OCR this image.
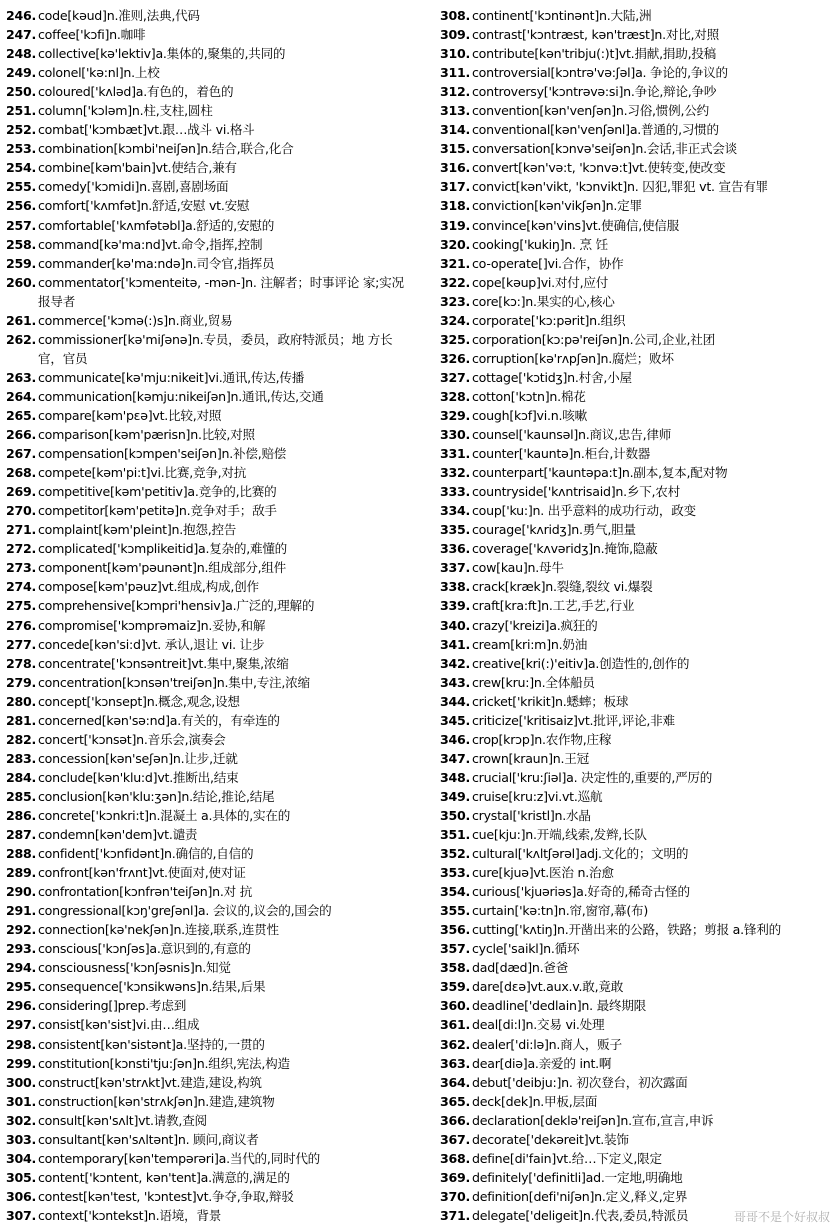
246. code[kəud]n.准则,法典,代码
247. coffee['kɔfi]n.咖啡
248. collective[kə'lektiv]a.集体的,聚集的,共同的
249. colonel['kə:nl]n.上校
250. coloured['kʌləd]a.有色的，着色的
251. column['kɔləm]n.柱,支柱,圆柱
252. combat['kɔmbæt]vt.跟…战斗 vi.格斗
253. combination[kɔmbi'neiʃən]n.结合,联合,化合
254. combine[kəm'bain]vt.使结合,兼有
255. comedy['kɔmidi]n.喜剧,喜剧场面
256. comfort['kʌmfət]n.舒适,安慰 vt.安慰
257. comfortable['kʌmfətəbl]a.舒适的,安慰的
258. command[kə'ma:nd]vt.命令,指挥,控制
259. commander[kə'ma:ndə]n.司令官,指挥员
260. commentator['kɔmenteitə, -mən-]n. 注解者；时事评论 家;实况报导者
261. commerce['kɔmə(:)s]n.商业,贸易
262. commissioner[kə'miʃənə]n.专员，委员，政府特派员；地 方长官，官员
263. communicate[kə'mju:nikeit]vi.通讯,传达,传播
264. communication[kəmju:nikeiʃən]n.通讯,传达,交通
265. compare[kəm'pɛə]vt.比较,对照
266. comparison[kəm'pærisn]n.比较,对照
267. compensation[kɔmpen'seiʃən]n.补偿,赔偿
268. compete[kəm'pi:t]vi.比赛,竞争,对抗
269. competitive[kəm'petitiv]a.竞争的,比赛的
270. competitor[kəm'petitə]n.竞争对手；敌手
271. complaint[kəm'pleint]n.抱怨,控告
272. complicated['kɔmplikeitid]a.复杂的,难懂的
273. component[kəm'pəunənt]n.组成部分,组件
274. compose[kəm'pəuz]vt.组成,构成,创作
275. comprehensive[kɔmpri'hensiv]a.广泛的,理解的
276. compromise['kɔmprəmaiz]n.妥协,和解
277. concede[kən'si:d]vt. 承认,退让 vi. 让步
278. concentrate['kɔnsəntreit]vt.集中,聚集,浓缩
279. concentration[kɔnsən'treiʃən]n.集中,专注,浓缩
280. concept['kɔnsept]n.概念,观念,设想
281. concerned[kən'sə:nd]a.有关的，有牵连的
282. concert['kɔnsət]n.音乐会,演奏会
283. concession[kən'seʃən]n.让步,迁就
284. conclude[kən'klu:d]vt.推断出,结束
285. conclusion[kən'klu:ʒən]n.结论,推论,结尾
286. concrete['kɔnkri:t]n.混凝土 a.具体的,实在的
287. condemn[kən'dem]vt.谴责
288. confident['kɔnfidənt]n.确信的,自信的
289. confront[kən'frʌnt]vt.使面对,使对证
290. confrontation[kɔnfrən'teiʃən]n.对 抗
291. congressional[kɔŋ'greʃənl]a. 会议的,议会的,国会的
292. connection[kə'nekʃən]n.连接,联系,连贯性
293. conscious['kɔnʃəs]a.意识到的,有意的
294. consciousness['kɔnʃəsnis]n.知觉
295. consequence['kɔnsikwəns]n.结果,后果
296. considering[]prep.考虑到
297. consist[kən'sist]vi.由…组成
298. consistent[kən'sistənt]a.坚持的,一贯的
299. constitution[kɔnsti'tju:ʃən]n.组织,宪法,构造
300. construct[kən'strʌkt]vt.建造,建设,构筑
301. construction[kən'strʌkʃən]n.建造,建筑物
302. consult[kən'sʌlt]vt.请教,查阅
303. consultant[kən'sʌltənt]n. 顾问,商议者
304. contemporary[kən'tempərəri]a.当代的,同时代的
305. content['kɔntent, kən'tent]a.满意的,满足的
306. contest[kən'test, 'kɔntest]vt.争夺,争取,辩驳
307. context['kɔntekst]n.语境，背景
308. continent['kɔntinənt]n.大陆,洲
309. contrast['kɔntræst, kən'træst]n.对比,对照
310. contribute[kən'tribju(:)t]vt.捐献,捐助,投稿
311. controversial[kɔntrə'və:ʃəl]a. 争论的,争议的
312. controversy['kɔntrəvə:si]n.争论,辩论,争吵
313. convention[kən'venʃən]n.习俗,惯例,公约
314. conventional[kən'venʃənl]a.普通的,习惯的
315. conversation[kɔnvə'seiʃən]n.会话,非正式会谈
316. convert[kən'və:t, 'kɔnvə:t]vt.使转变,使改变
317. convict[kən'vikt, 'kɔnvikt]n. 囚犯,罪犯 vt. 宣告有罪
318. conviction[kən'vikʃən]n.定罪
319. convince[kən'vins]vt.使确信,使信服
320. cooking['kukiŋ]n. 烹 饪
321. co-operate[]vi.合作，协作
322. cope[kəup]vi.对付,应付
323. core[kɔ:]n.果实的心,核心
324. corporate['kɔ:pərit]n.组织
325. corporation[kɔ:pə'reiʃən]n.公司,企业,社团
326. corruption[kə'rʌpʃən]n.腐烂；败坏
327. cottage['kɔtidʒ]n.村舍,小屋
328. cotton['kɔtn]n.棉花
329. cough[kɔf]vi.n.咳嗽
330. counsel['kaunsəl]n.商议,忠告,律师
331. counter['kauntə]n.柜台,计数器
332. counterpart['kauntəpa:t]n.副本,复本,配对物
333. countryside['kʌntrisaid]n.乡下,农村
334. coup['ku:]n. 出乎意料的成功行动，政变
335. courage['kʌridʒ]n.勇气,胆量
336. coverage['kʌvəridʒ]n.掩饰,隐蔽
337. cow[kau]n.母牛
338. crack[kræk]n.裂缝,裂纹 vi.爆裂
339. craft[kra:ft]n.工艺,手艺,行业
340. crazy['kreizi]a.疯狂的
341. cream[kri:m]n.奶油
342. creative[kri(:)'eitiv]a.创造性的,创作的
343. crew[kru:]n.全体船员
344. cricket['krikit]n.蟋蟀；板球
345. criticize['kritisaiz]vt.批评,评论,非难
346. crop[krɔp]n.农作物,庄稼
347. crown[kraun]n.王冠
348. crucial['kru:ʃiəl]a. 决定性的,重要的,严厉的
349. cruise[kru:z]vi.vt.巡航
350. crystal['kristl]n.水晶
351. cue[kju:]n.开端,线索,发辫,长队
352. cultural['kʌltʃərəl]adj.文化的；文明的
353. cure[kjuə]vt.医治 n.治愈
354. curious['kjuəriəs]a.好奇的,稀奇古怪的
355. curtain['kə:tn]n.帘,窗帘,幕(布)
356. cutting['kʌtiŋ]n.开凿出来的公路，铁路；剪报 a.锋利的
357. cycle['saikl]n.循环
358. dad[dæd]n.爸爸
359. dare[dɛə]vt.aux.v.敢,竟敢
360. deadline['dedlain]n. 最终期限
361. deal[di:l]n.交易 vi.处理
362. dealer['di:lə]n.商人，贩子
363. dear[diə]a.亲爱的 int.啊
364. debut['deibju:]n. 初次登台，初次露面
365. deck[dek]n.甲板,层面
366. declaration[deklə'reiʃən]n.宣布,宣言,申诉
367. decorate['dekəreit]vt.装饰
368. define[di'fain]vt.给…下定义,限定
369. definitely['definitli]ad.一定地,明确地
370. definition[defi'niʃən]n.定义,释义,定界
371. delegate['deligeit]n.代表,委员,特派员	哥哥不是个好叔叔
